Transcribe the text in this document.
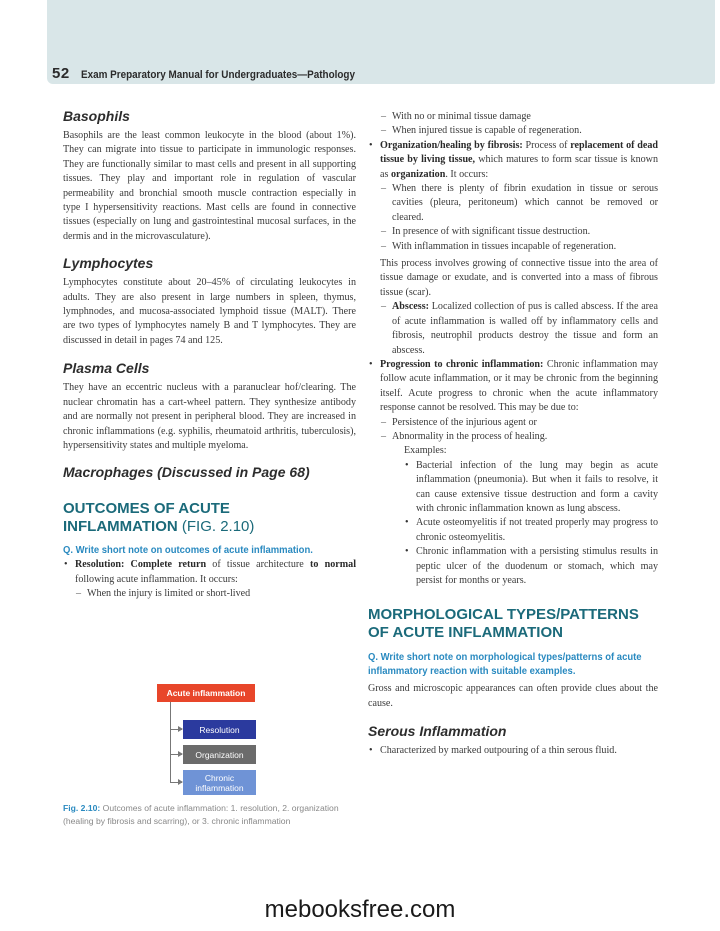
52 Exam Preparatory Manual for Undergraduates—Pathology
Basophils

Basophils are the least common leukocyte in the blood (about 1%). They can migrate into tissue to participate in immunologic responses. They are functionally similar to mast cells and present in all supporting tissues. They play and important role in regulation of vascular permeability and bronchial smooth muscle contraction especially in type I hypersensitivity reactions. Mast cells are found in connective tissues (especially on lung and gastrointestinal mucosal surfaces, in the dermis and in the microvasculature).

Lymphocytes

Lymphocytes constitute about 20–45% of circulating leukocytes in adults. They are also present in large numbers in spleen, thymus, lymphnodes, and mucosa-associated lymphoid tissue (MALT). There are two types of lymphocytes namely B and T lymphocytes. They are discussed in detail in pages 74 and 125.

Plasma Cells

They have an eccentric nucleus with a paranuclear hof/clearing. The nuclear chromatin has a cart-wheel pattern. They synthesize antibody and are normally not present in peripheral blood. They are increased in chronic inflammations (e.g. syphilis, rheumatoid arthritis, tuberculosis), hypersensitivity states and multiple myeloma.

Macrophages (Discussed in Page 68)
OUTCOMES OF ACUTE INFLAMMATION (FIG. 2.10)

Q. Write short note on outcomes of acute inflammation.

• Resolution: Complete return of tissue architecture to normal following acute inflammation. It occurs:
– When the injury is limited or short-lived
Acute inflammation
Resolution
Organization
Chronic inflammation
Fig. 2.10: Outcomes of acute inflammation: 1. resolution, 2. organization (healing by fibrosis and scarring), or 3. chronic inflammation
– With no or minimal tissue damage
– When injured tissue is capable of regeneration.
• Organization/healing by fibrosis: Process of replacement of dead tissue by living tissue, which matures to form scar tissue is known as organization. It occurs:
– When there is plenty of fibrin exudation in tissue or serous cavities (pleura, peritoneum) which cannot be removed or cleared.
– In presence of with significant tissue destruction.
– With inflammation in tissues incapable of regeneration.

This process involves growing of connective tissue into the area of tissue damage or exudate, and is converted into a mass of fibrous tissue (scar).

– Abscess: Localized collection of pus is called abscess. If the area of acute inflammation is walled off by inflammatory cells and fibrosis, neutrophil products destroy the tissue and form an abscess.
• Progression to chronic inflammation: Chronic inflammation may follow acute inflammation, or it may be chronic from the beginning itself. Acute progress to chronic when the acute inflammatory response cannot be resolved. This may be due to:
– Persistence of the injurious agent or
– Abnormality in the process of healing.
Examples:
• Bacterial infection of the lung may begin as acute inflammation (pneumonia). But when it fails to resolve, it can cause extensive tissue destruction and form a cavity with chronic inflammation known as lung abscess.
• Acute osteomyelitis if not treated properly may progress to chronic osteomyelitis.
• Chronic inflammation with a persisting stimulus results in peptic ulcer of the duodenum or stomach, which may persist for months or years.
MORPHOLOGICAL TYPES/PATTERNS OF ACUTE INFLAMMATION

Q. Write short note on morphological types/patterns of acute inflammatory reaction with suitable examples.

Gross and microscopic appearances can often provide clues about the cause.

Serous Inflammation
• Characterized by marked outpouring of a thin serous fluid.
mebooksfree.com
